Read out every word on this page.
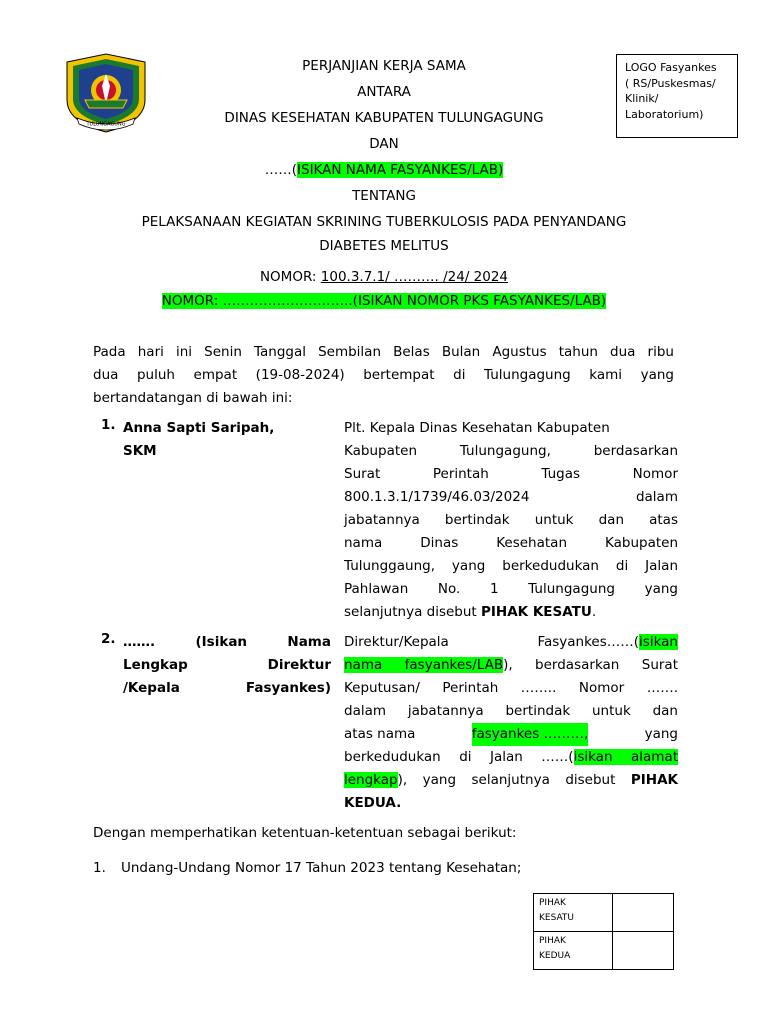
TULUNGAGUNG
LOGO Fasyankes
( RS/Puskesmas/
Klinik/
Laboratorium)
PERJANJIAN KERJA SAMA
ANTARA
DINAS KESEHATAN KABUPATEN TULUNGAGUNG
DAN
……(ISIKAN NAMA FASYANKES/LAB)
TENTANG
PELAKSANAAN KEGIATAN SKRINING TUBERKULOSIS PADA PENYANDANG
DIABETES MELITUS
NOMOR: 100.3.7.1/ ………. /24/ 2024
NOMOR: ………………………..(ISIKAN NOMOR PKS FASYANKES/LAB)
Pada hari ini Senin Tanggal Sembilan Belas Bulan Agustus tahun dua ribu
dua puluh empat (19-08-2024) bertempat di Tulungagung kami yang
bertandatangan di bawah ini:
1. Anna Sapti Saripah,
SKM
Plt. Kepala Dinas Kesehatan Kabupaten
Kabupaten Tulungagung, berdasarkan
Surat	Perintah	Tugas	Nomor
800.1.3.1/1739/46.03/2024	dalam
jabatannya bertindak untuk dan atas
nama Dinas Kesehatan Kabupaten
Tulunggaung, yang berkedudukan di Jalan
Pahlawan No. 1 Tulungagung yang
selanjutnya disebut PIHAK KESATU.
2. …….	(Isikan	Nama
Lengkap	Direktur
/Kepala	Fasyankes)
Direktur/Kepala Fasyankes……(isikan
nama fasyankes/LAB), berdasarkan Surat
Keputusan/ Perintah …….. Nomor …….
dalam jabatannya bertindak untuk dan
atas nama	fasyankes ………,	yang
berkedudukan di Jalan ……(isikan alamat
lengkap), yang selanjutnya disebut PIHAK
KEDUA.
Dengan memperhatikan ketentuan-ketentuan sebagai berikut:
1. Undang-Undang Nomor 17 Tahun 2023 tentang Kesehatan;
PIHAK
KESATU	

PIHAK
KEDUA	
